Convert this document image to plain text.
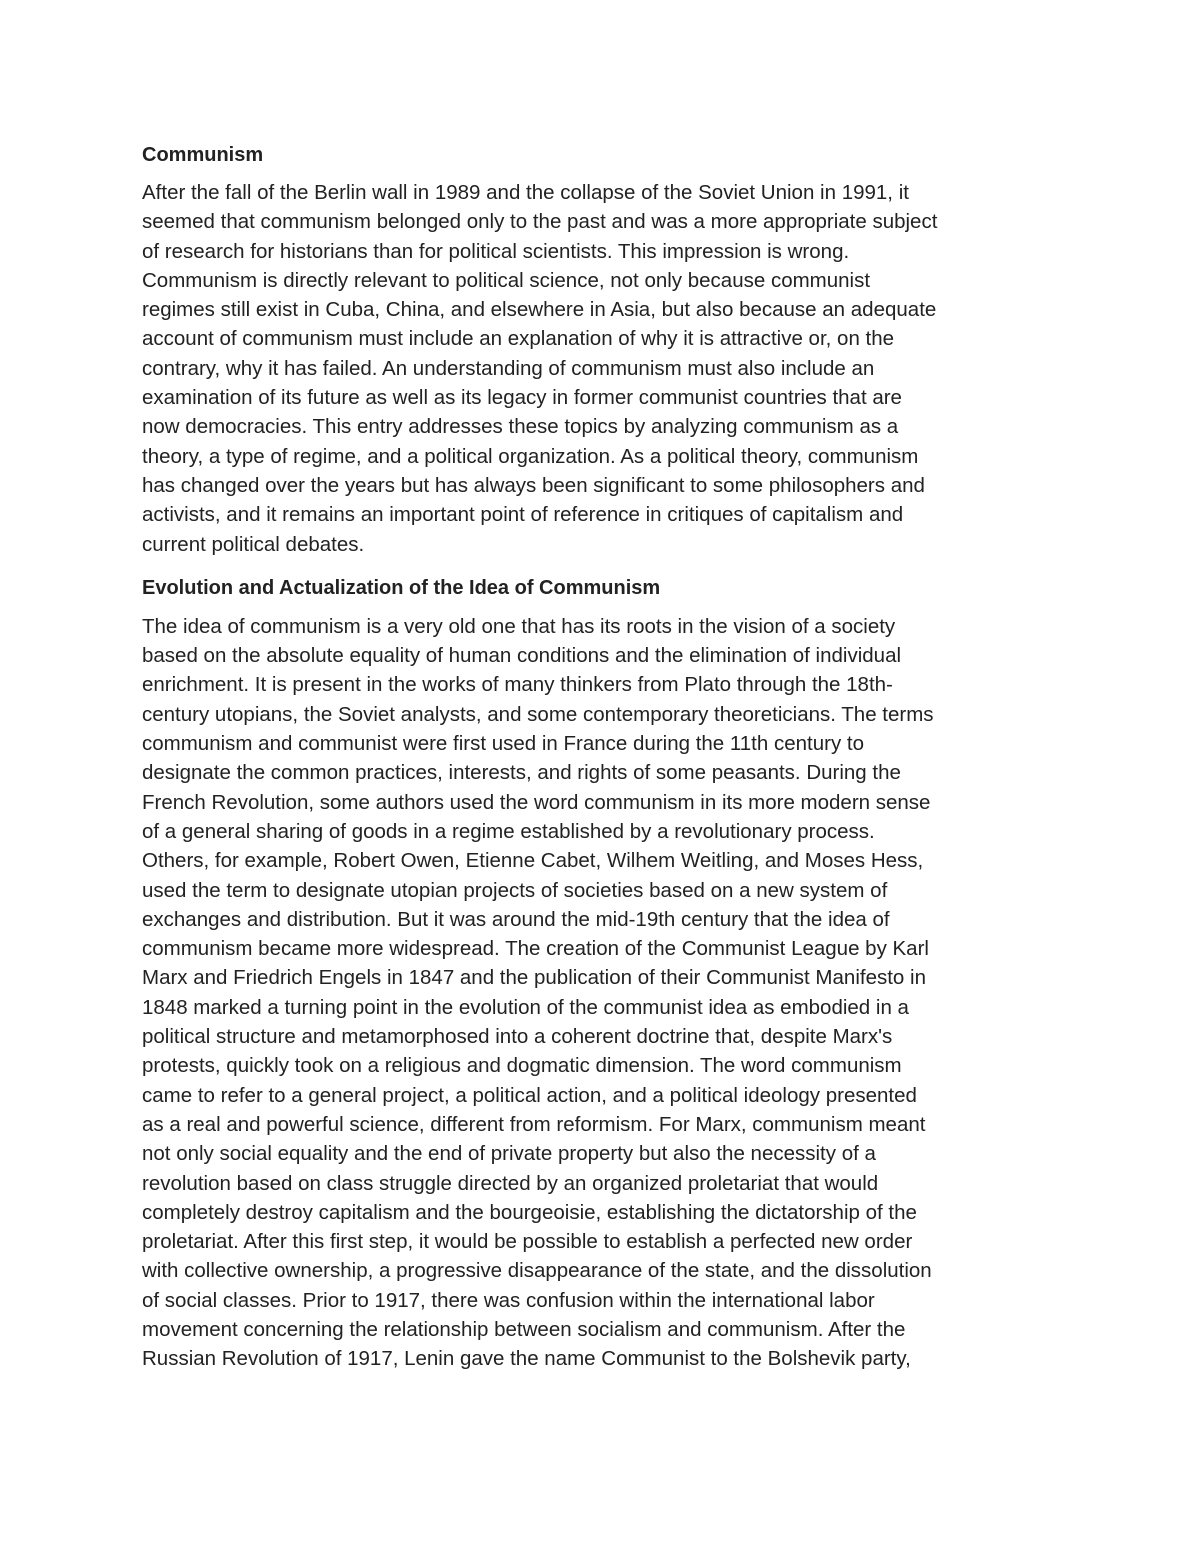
Communism
After the fall of the Berlin wall in 1989 and the collapse of the Soviet Union in 1991, it
seemed that communism belonged only to the past and was a more appropriate subject
of research for historians than for political scientists. This impression is wrong.
Communism is directly relevant to political science, not only because communist
regimes still exist in Cuba, China, and elsewhere in Asia, but also because an adequate
account of communism must include an explanation of why it is attractive or, on the
contrary, why it has failed. An understanding of communism must also include an
examination of its future as well as its legacy in former communist countries that are
now democracies. This entry addresses these topics by analyzing communism as a
theory, a type of regime, and a political organization. As a political theory, communism
has changed over the years but has always been significant to some philosophers and
activists, and it remains an important point of reference in critiques of capitalism and
current political debates.
Evolution and Actualization of the Idea of Communism
The idea of communism is a very old one that has its roots in the vision of a society
based on the absolute equality of human conditions and the elimination of individual
enrichment. It is present in the works of many thinkers from Plato through the 18th-
century utopians, the Soviet analysts, and some contemporary theoreticians. The terms
communism and communist were first used in France during the 11th century to
designate the common practices, interests, and rights of some peasants. During the
French Revolution, some authors used the word communism in its more modern sense
of a general sharing of goods in a regime established by a revolutionary process.
Others, for example, Robert Owen, Etienne Cabet, Wilhem Weitling, and Moses Hess,
used the term to designate utopian projects of societies based on a new system of
exchanges and distribution. But it was around the mid-19th century that the idea of
communism became more widespread. The creation of the Communist League by Karl
Marx and Friedrich Engels in 1847 and the publication of their Communist Manifesto in
1848 marked a turning point in the evolution of the communist idea as embodied in a
political structure and metamorphosed into a coherent doctrine that, despite Marx's
protests, quickly took on a religious and dogmatic dimension. The word communism
came to refer to a general project, a political action, and a political ideology presented
as a real and powerful science, different from reformism. For Marx, communism meant
not only social equality and the end of private property but also the necessity of a
revolution based on class struggle directed by an organized proletariat that would
completely destroy capitalism and the bourgeoisie, establishing the dictatorship of the
proletariat. After this first step, it would be possible to establish a perfected new order
with collective ownership, a progressive disappearance of the state, and the dissolution
of social classes. Prior to 1917, there was confusion within the international labor
movement concerning the relationship between socialism and communism. After the
Russian Revolution of 1917, Lenin gave the name Communist to the Bolshevik party,
